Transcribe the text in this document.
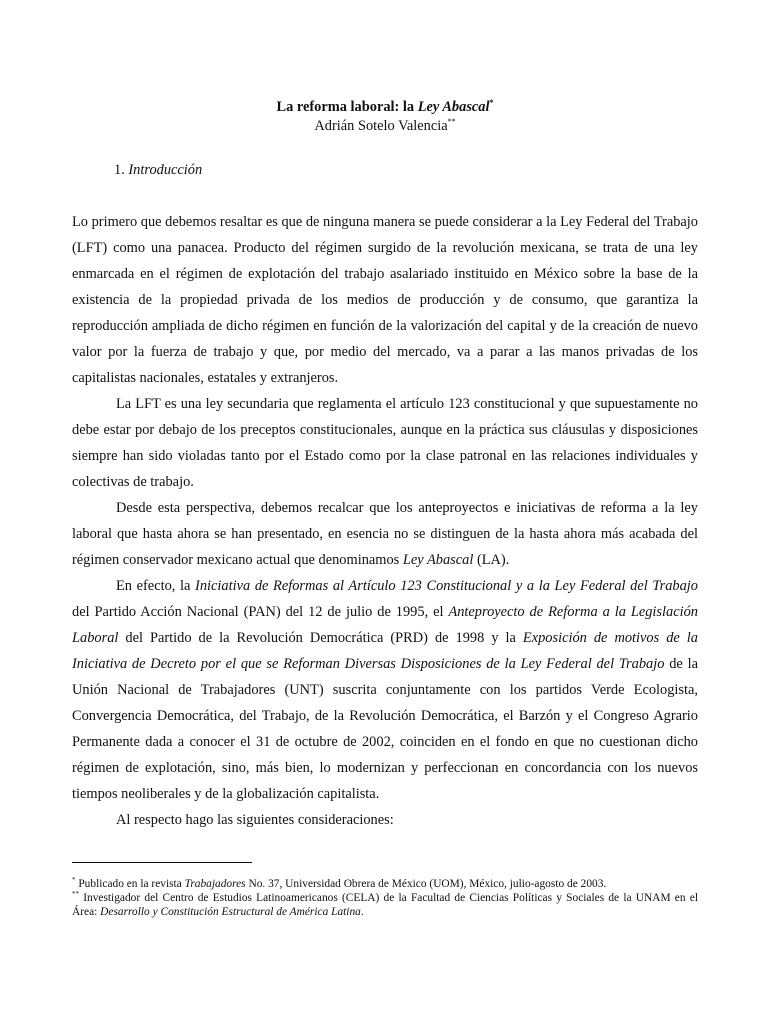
La reforma laboral: la Ley Abascal*
Adrián Sotelo Valencia**
1. Introducción

Lo primero que debemos resaltar es que de ninguna manera se puede considerar a la Ley Federal del Trabajo (LFT) como una panacea. Producto del régimen surgido de la revolución mexicana, se trata de una ley enmarcada en el régimen de explotación del trabajo asalariado instituido en México sobre la base de la existencia de la propiedad privada de los medios de producción y de consumo, que garantiza la reproducción ampliada de dicho régimen en función de la valorización del capital y de la creación de nuevo valor por la fuerza de trabajo y que, por medio del mercado, va a parar a las manos privadas de los capitalistas nacionales, estatales y extranjeros.

La LFT es una ley secundaria que reglamenta el artículo 123 constitucional y que supuestamente no debe estar por debajo de los preceptos constitucionales, aunque en la práctica sus cláusulas y disposiciones siempre han sido violadas tanto por el Estado como por la clase patronal en las relaciones individuales y colectivas de trabajo.

Desde esta perspectiva, debemos recalcar que los anteproyectos e iniciativas de reforma a la ley laboral que hasta ahora se han presentado, en esencia no se distinguen de la hasta ahora más acabada del régimen conservador mexicano actual que denominamos Ley Abascal (LA).

En efecto, la Iniciativa de Reformas al Artículo 123 Constitucional y a la Ley Federal del Trabajo del Partido Acción Nacional (PAN) del 12 de julio de 1995, el Anteproyecto de Reforma a la Legislación Laboral del Partido de la Revolución Democrática (PRD) de 1998 y la Exposición de motivos de la Iniciativa de Decreto por el que se Reforman Diversas Disposiciones de la Ley Federal del Trabajo de la Unión Nacional de Trabajadores (UNT) suscrita conjuntamente con los partidos Verde Ecologista, Convergencia Democrática, del Trabajo, de la Revolución Democrática, el Barzón y el Congreso Agrario Permanente dada a conocer el 31 de octubre de 2002, coinciden en el fondo en que no cuestionan dicho régimen de explotación, sino, más bien, lo modernizan y perfeccionan en concordancia con los nuevos tiempos neoliberales y de la globalización capitalista.

Al respecto hago las siguientes consideraciones:

* Publicado en la revista Trabajadores No. 37, Universidad Obrera de México (UOM), México, julio-agosto de 2003.

** Investigador del Centro de Estudios Latinoamericanos (CELA) de la Facultad de Ciencias Políticas y Sociales de la UNAM en el Área: Desarrollo y Constitución Estructural de América Latina.
